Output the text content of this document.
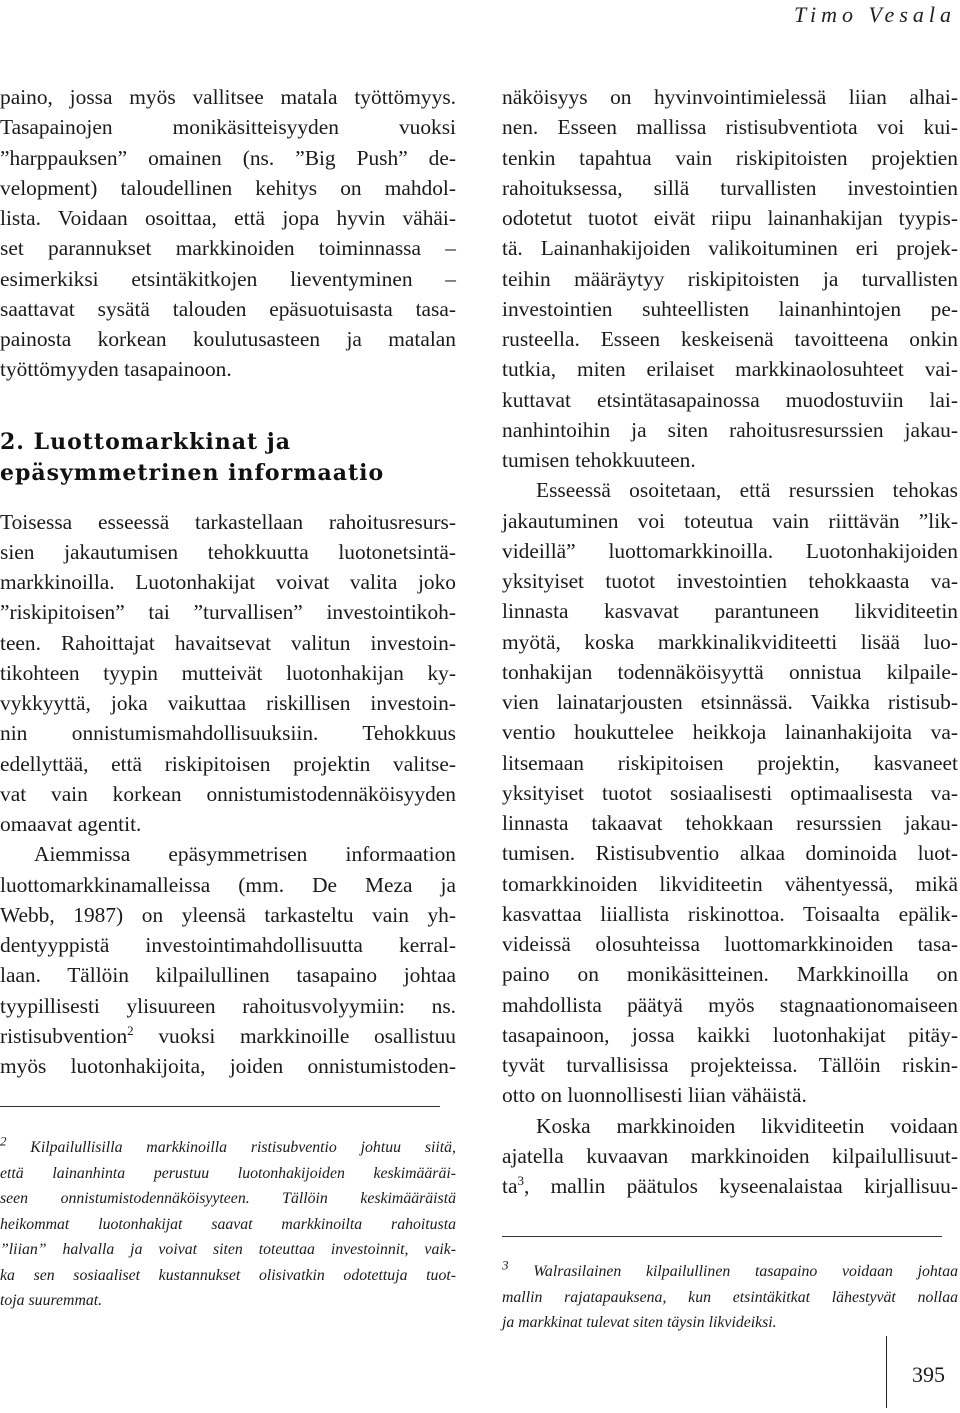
Timo Vesala
paino, jossa myös vallitsee matala työttömyys.
Tasapainojen monikäsitteisyyden vuoksi
”harppauksen” omainen (ns. ”Big Push” de-
velopment) taloudellinen kehitys on mahdol-
lista. Voidaan osoittaa, että jopa hyvin vähäi-
set parannukset markkinoiden toiminnassa –
esimerkiksi etsintäkitkojen lieventyminen –
saattavat sysätä talouden epäsuotuisasta tasa-
painosta korkean koulutusasteen ja matalan
työttömyyden tasapainoon.
2. Luottomarkkinat ja
epäsymmetrinen informaatio
Toisessa esseessä tarkastellaan rahoitusresurs-
sien jakautumisen tehokkuutta luotonetsintä-
markkinoilla. Luotonhakijat voivat valita joko
”riskipitoisen” tai ”turvallisen” investointikoh-
teen. Rahoittajat havaitsevat valitun investoin-
tikohteen tyypin mutteivät luotonhakijan ky-
vykkyyttä, joka vaikuttaa riskillisen investoin-
nin onnistumismahdollisuuksiin. Tehokkuus
edellyttää, että riskipitoisen projektin valitse-
vat vain korkean onnistumistodennäköisyyden
omaavat agentit.
Aiemmissa epäsymmetrisen informaation
luottomarkkinamalleissa (mm. De Meza ja
Webb, 1987) on yleensä tarkasteltu vain yh-
dentyyppistä investointimahdollisuutta kerral-
laan. Tällöin kilpailullinen tasapaino johtaa
tyypillisesti ylisuureen rahoitusvolyymiin: ns.
ristisubvention$^2$ vuoksi markkinoille osallistuu
myös luotonhakijoita, joiden onnistumistoden-
$^2$ Kilpailullisilla markkinoilla ristisubventio johtuu siitä,
että lainanhinta perustuu luotonhakijoiden keskimääräi-
seen onnistumistodennäköisyyteen. Tällöin keskimääräistä
heikommat luotonhakijat saavat markkinoilta rahoitusta
”liian” halvalla ja voivat siten toteuttaa investoinnit, vaik-
ka sen sosiaaliset kustannukset olisivatkin odotettuja tuot-
toja suuremmat.
näköisyys on hyvinvointimielessä liian alhai-
nen. Esseen mallissa ristisubventiota voi kui-
tenkin tapahtua vain riskipitoisten projektien
rahoituksessa, sillä turvallisten investointien
odotetut tuotot eivät riipu lainanhakijan tyypis-
tä. Lainanhakijoiden valikoituminen eri projek-
teihin määräytyy riskipitoisten ja turvallisten
investointien suhteellisten lainanhintojen pe-
rusteella. Esseen keskeisenä tavoitteena onkin
tutkia, miten erilaiset markkinaolosuhteet vai-
kuttavat etsintätasapainossa muodostuviin lai-
nanhintoihin ja siten rahoitusresurssien jakau-
tumisen tehokkuuteen.
Esseessä osoitetaan, että resurssien tehokas
jakautuminen voi toteutua vain riittävän ”lik-
videillä” luottomarkkinoilla. Luotonhakijoiden
yksityiset tuotot investointien tehokkaasta va-
linnasta kasvavat parantuneen likviditeetin
myötä, koska markkinalikviditeetti lisää luo-
tonhakijan todennäköisyyttä onnistua kilpaile-
vien lainatarjousten etsinnässä. Vaikka ristisub-
ventio houkuttelee heikkoja lainanhakijoita va-
litsemaan riskipitoisen projektin, kasvaneet
yksityiset tuotot sosiaalisesti optimaalisesta va-
linnasta takaavat tehokkaan resurssien jakau-
tumisen. Ristisubventio alkaa dominoida luot-
tomarkkinoiden likviditeetin vähentyessä, mikä
kasvattaa liiallista riskinottoa. Toisaalta epälik-
videissä olosuhteissa luottomarkkinoiden tasa-
paino on monikäsitteinen. Markkinoilla on
mahdollista päätyä myös stagnaationomaiseen
tasapainoon, jossa kaikki luotonhakijat pitäy-
tyvät turvallisissa projekteissa. Tällöin riskin-
otto on luonnollisesti liian vähäistä.
Koska markkinoiden likviditeetin voidaan
ajatella kuvaavan markkinoiden kilpailullisuut-
$ta^3$, mallin päätulos kyseenalaistaa kirjallisuu-
$^3$ Walrasilainen kilpailullinen tasapaino voidaan johtaa
mallin rajatapauksena, kun etsintäkitkat lähestyvät nollaa
ja markkinat tulevat siten täysin likvideiksi.
395
